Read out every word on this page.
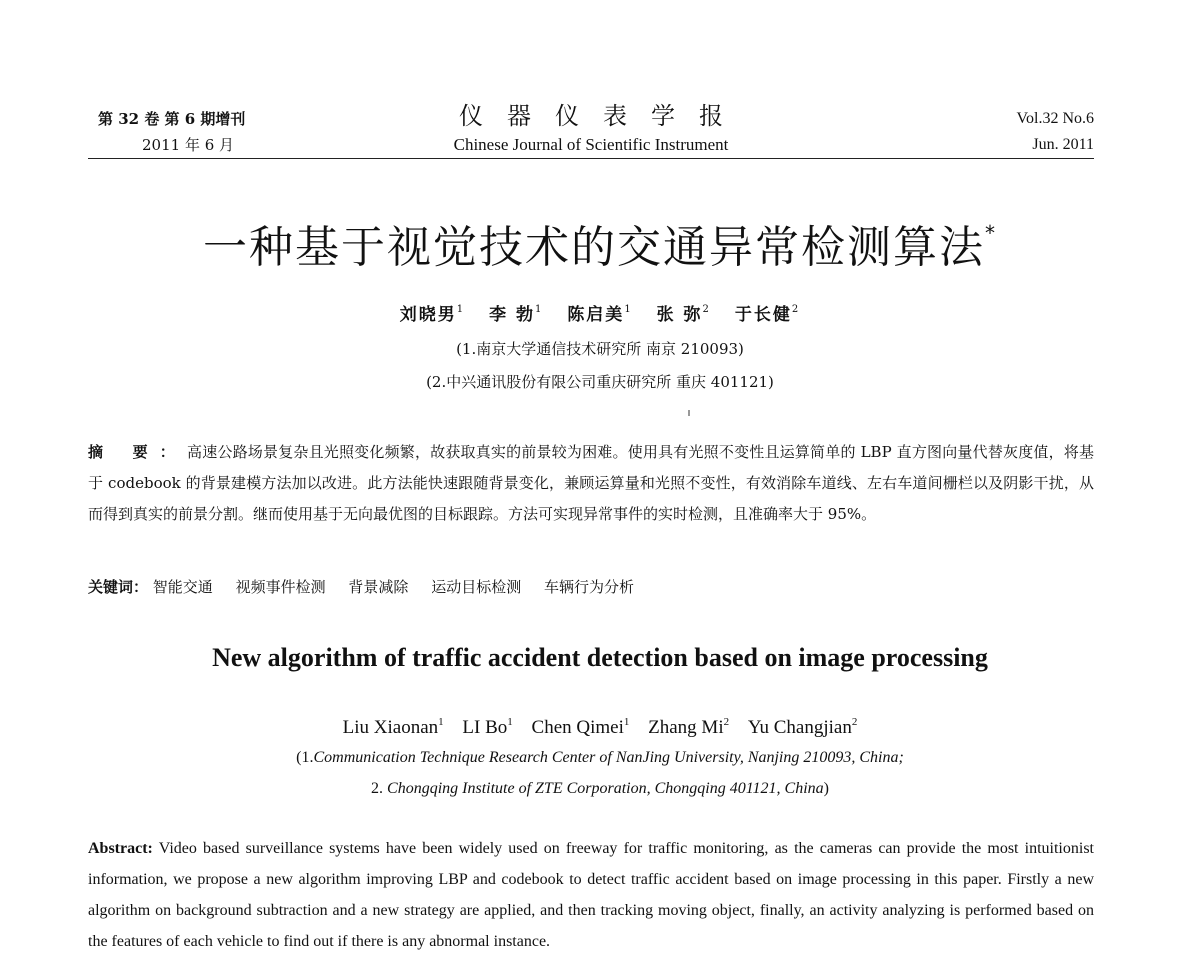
第 32 卷 第 6 期增刊
2011 年 6 月
仪器仪表学报
Chinese Journal of Scientific Instrument
Vol.32 No.6
Jun. 2011
一种基于视觉技术的交通异常检测算法*
刘晓男$^1$ 李 勃$^1$ 陈启美$^1$ 张 弥$^2$ 于长健$^2$
(1.南京大学通信技术研究所 南京 210093)
(2.中兴通讯股份有限公司重庆研究所 重庆 401121)
摘 要：高速公路场景复杂且光照变化频繁，故获取真实的前景较为困难。使用具有光照不变性且运算简单的 LBP 直方图向量代替灰度值，将基于 codebook 的背景建模方法加以改进。此方法能快速跟随背景变化，兼顾运算量和光照不变性，有效消除车道线、左右车道间栅栏以及阴影干扰，从而得到真实的前景分割。继而使用基于无向最优图的目标跟踪。方法可实现异常事件的实时检测，且准确率大于 95%。
关键词： 智能交通 视频事件检测 背景减除 运动目标检测 车辆行为分析
New algorithm of traffic accident detection based on image processing
Liu Xiaonan$^1$ LI Bo$^1$ Chen Qimei$^1$ Zhang Mi$^2$ Yu Changjian$^2$
(1.Communication Technique Research Center of NanJing University, Nanjing 210093, China;
2. Chongqing Institute of ZTE Corporation, Chongqing 401121, China)
Abstract: Video based surveillance systems have been widely used on freeway for traffic monitoring, as the cameras can provide the most intuitionist information, we propose a new algorithm improving LBP and codebook to detect traffic accident based on image processing in this paper. Firstly a new algorithm on background subtraction and a new strategy are applied, and then tracking moving object, finally, an activity analyzing is performed based on the features of each vehicle to find out if there is any abnormal instance.
